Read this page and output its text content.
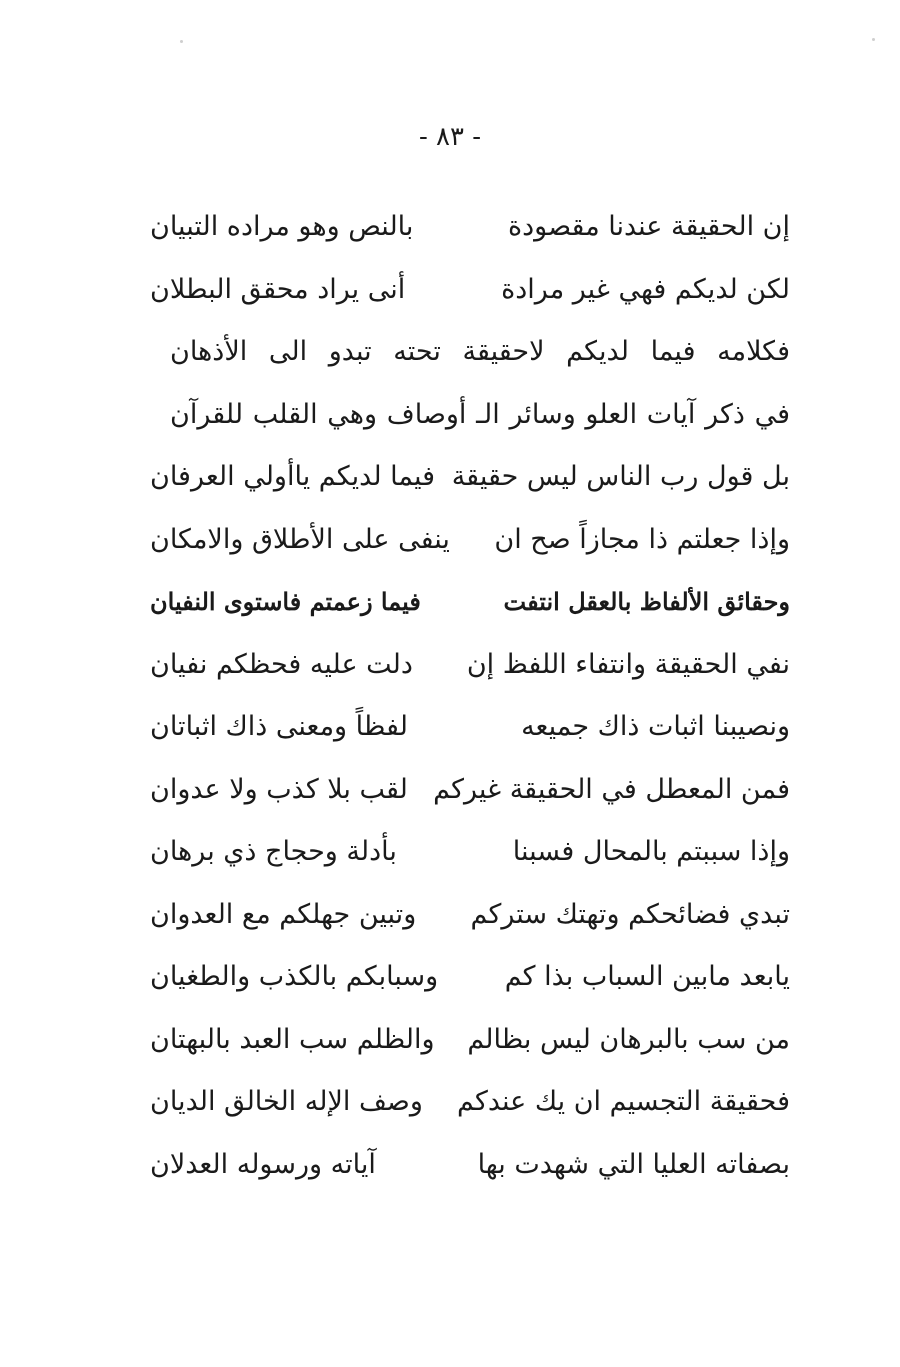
- ٨٣ -
إن الحقيقة عندنا مقصودة
بالنص وهو مراده التبيان
لكن لديكم فهي غير مرادة
أنى يراد محقق البطلان
فكلامه فيما لديكم لاحقيقة تحته تبدو الى الأذهان
في ذكر آيات العلو وسائر الـ أوصاف وهي القلب للقرآن
بل قول رب الناس ليس حقيقة
فيما لديكم ياأولي العرفان
وإذا جعلتم ذا مجازاً صح ان
ينفى على الأطلاق والامكان
وحقائق الألفاظ بالعقل انتفت
فيما زعمتم فاستوى النفيان
نفي الحقيقة وانتفاء اللفظ إن
دلت عليه فحظكم نفيان
ونصيبنا اثبات ذاك جميعه
لفظاً ومعنى ذاك اثباتان
فمن المعطل في الحقيقة غيركم
لقب بلا كذب ولا عدوان
وإذا سببتم بالمحال فسبنا
بأدلة وحجاج ذي برهان
تبدي فضائحكم وتهتك ستركم
وتبين جهلكم مع العدوان
يابعد مابين السباب بذا كم
وسبابكم بالكذب والطغيان
من سب بالبرهان ليس بظالم
والظلم سب العبد بالبهتان
فحقيقة التجسيم ان يك عندكم
وصف الإله الخالق الديان
بصفاته العليا التي شهدت بها
آياته ورسوله العدلان
